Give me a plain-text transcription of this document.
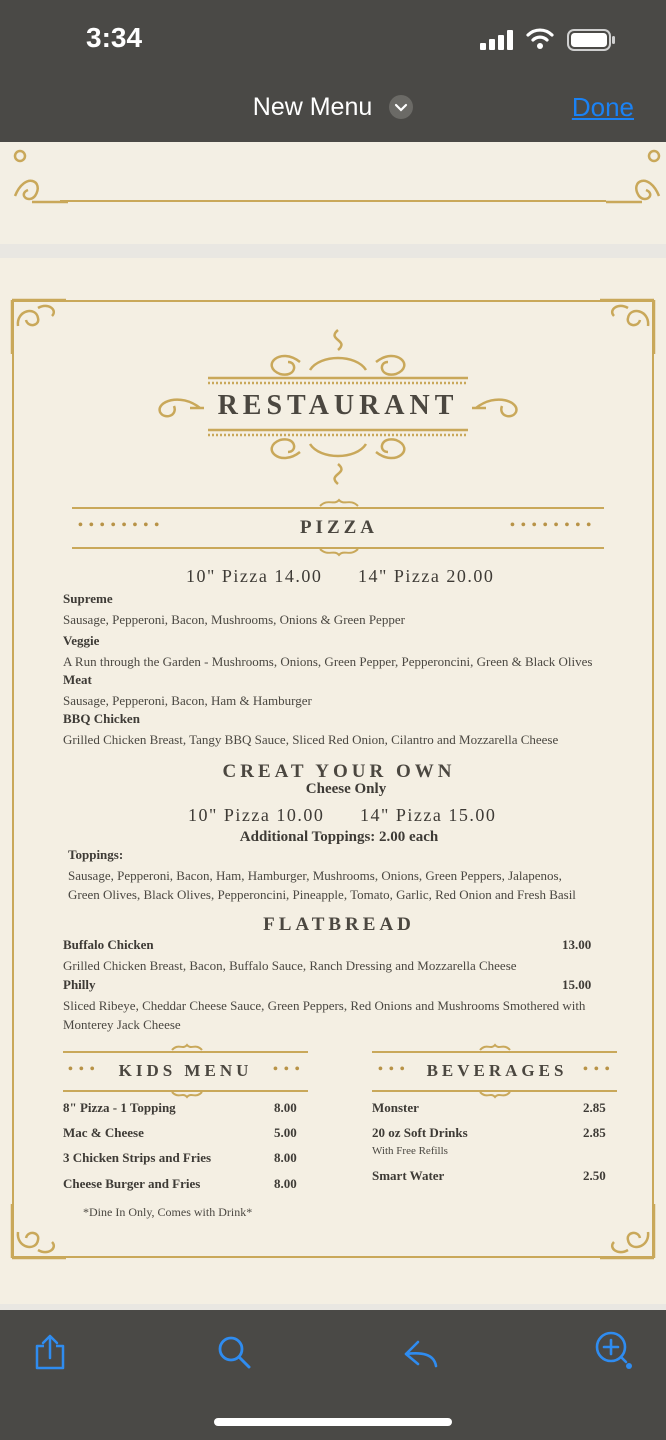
3:34
New Menu	Done
RESTAURANT
••••••••	••••••••
PIZZA
10" Pizza 14.00 14" Pizza 20.00
Supreme
Sausage, Pepperoni, Bacon, Mushrooms, Onions & Green Pepper
Veggie
A Run through the Garden - Mushrooms, Onions, Green Pepper, Pepperoncini, Green & Black Olives
Meat
Sausage, Pepperoni, Bacon, Ham & Hamburger
BBQ Chicken
Grilled Chicken Breast, Tangy BBQ Sauce, Sliced Red Onion, Cilantro and Mozzarella Cheese
CREAT YOUR OWN
Cheese Only
10" Pizza 10.00 14" Pizza 15.00
Additional Toppings: 2.00 each
Toppings:
Sausage, Pepperoni, Bacon, Ham, Hamburger, Mushrooms, Onions, Green Peppers, Jalapenos,
Green Olives, Black Olives, Pepperoncini, Pineapple, Tomato, Garlic, Red Onion and Fresh Basil
FLATBREAD
Buffalo Chicken	13.00
Grilled Chicken Breast, Bacon, Buffalo Sauce, Ranch Dressing and Mozzarella Cheese
Philly	15.00
Sliced Ribeye, Cheddar Cheese Sauce, Green Peppers, Red Onions and Mushrooms Smothered with
Monterey Jack Cheese
•••	•••
KIDS MENU
8" Pizza - 1 Topping	8.00
Mac & Cheese	5.00
3 Chicken Strips and Fries	8.00
Cheese Burger and Fries	8.00
*Dine In Only, Comes with Drink*
•••	•••
BEVERAGES
Monster	2.85
20 oz Soft Drinks	2.85
With Free Refills
Smart Water	2.50
